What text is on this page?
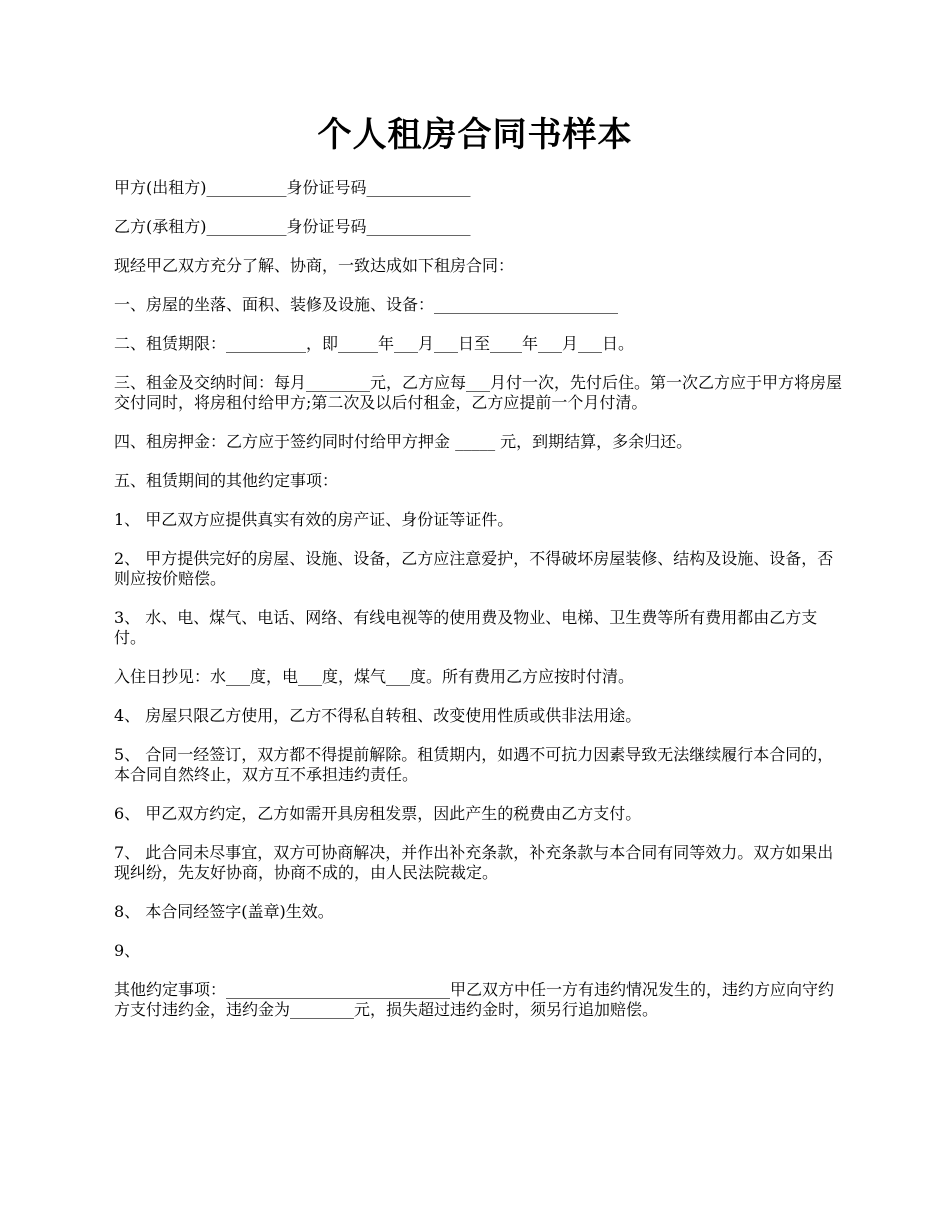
个人租房合同书样本

甲方(出租方)__________身份证号码_____________

乙方(承租方)__________身份证号码_____________

现经甲乙双方充分了解、协商，一致达成如下租房合同：

一、房屋的坐落、面积、装修及设施、设备：_______________________

二、租赁期限：__________，即_____年___月___日至____年___月___日。

三、租金及交纳时间：每月________元，乙方应每___月付一次，先付后住。第一次乙方应于甲方将房屋交付同时，将房租付给甲方;第二次及以后付租金，乙方应提前一个月付清。

四、租房押金：乙方应于签约同时付给甲方押金 _____ 元，到期结算，多余归还。

五、租赁期间的其他约定事项：

1、 甲乙双方应提供真实有效的房产证、身份证等证件。

2、 甲方提供完好的房屋、设施、设备，乙方应注意爱护，不得破坏房屋装修、结构及设施、设备，否则应按价赔偿。

3、 水、电、煤气、电话、网络、有线电视等的使用费及物业、电梯、卫生费等所有费用都由乙方支付。

入住日抄见：水___度，电___度，煤气___度。所有费用乙方应按时付清。

4、 房屋只限乙方使用，乙方不得私自转租、改变使用性质或供非法用途。

5、 合同一经签订，双方都不得提前解除。租赁期内，如遇不可抗力因素导致无法继续履行本合同的，本合同自然终止，双方互不承担违约责任。

6、 甲乙双方约定，乙方如需开具房租发票，因此产生的税费由乙方支付。

7、 此合同未尽事宜，双方可协商解决，并作出补充条款，补充条款与本合同有同等效力。双方如果出现纠纷，先友好协商，协商不成的，由人民法院裁定。

8、 本合同经签字(盖章)生效。

9、

其他约定事项：____________________________甲乙双方中任一方有违约情况发生的，违约方应向守约方支付违约金，违约金为________元，损失超过违约金时，须另行追加赔偿。
